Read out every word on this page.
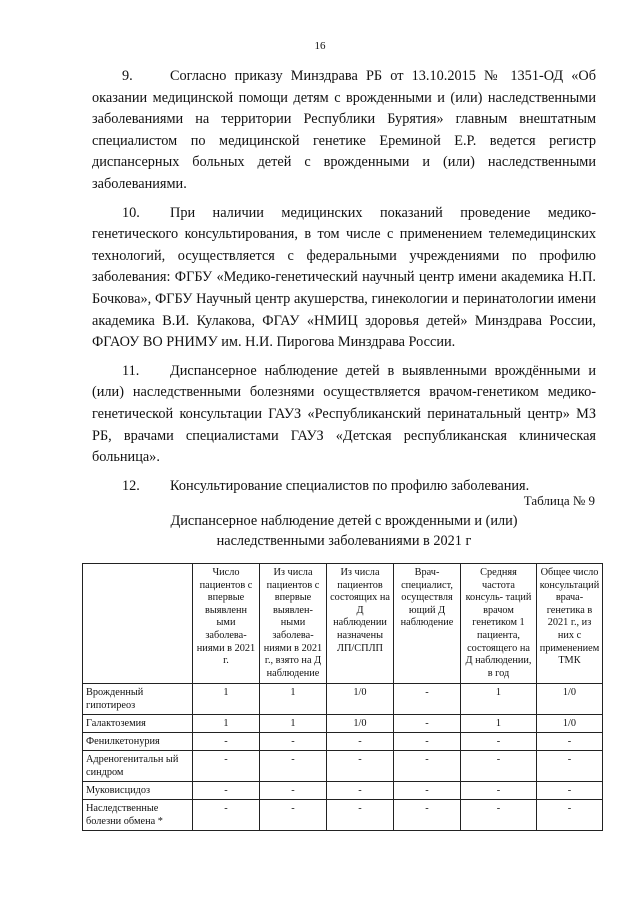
16

9.	Согласно приказу Минздрава РБ от 13.10.2015 № 1351-ОД «Об оказании медицинской помощи детям с врожденными и (или) наследственными заболеваниями на территории Республики Бурятия» главным внештатным специалистом по медицинской генетике Ереминой Е.Р. ведется регистр диспансерных больных детей с врожденными и (или) наследственными заболеваниями.

10. При наличии медицинских показаний проведение медико-генетического консультирования, в том числе с применением телемедицинских технологий, осуществляется с федеральными учреждениями по профилю заболевания: ФГБУ «Медико-генетический научный центр имени академика Н.П. Бочкова», ФГБУ Научный центр акушерства, гинекологии и перинатологии имени академика В.И. Кулакова, ФГАУ «НМИЦ здоровья детей» Минздрава России, ФГАОУ ВО РНИМУ им. Н.И. Пирогова Минздрава России.

11. Диспансерное наблюдение детей в выявленными врождёнными и (или) наследственными болезнями осуществляется врачом-генетиком медико-генетической консультации ГАУЗ «Республиканский перинатальный центр» МЗ РБ, врачами специалистами ГАУЗ «Детская республиканская клиническая больница».

12. Консультирование специалистов по профилю заболевания.

Таблица № 9
Диспансерное наблюдение детей с врожденными и (или)
наследственными заболеваниями в 2021 г
	Число пациентов с впервые выявленн ыми заболева- ниями в 2021 г.	Из числа пациентов с впервые выявлен- ными заболева- ниями в 2021 г., взято на Д наблюдение	Из числа пациентов состоящих на Д наблюдении назначены ЛП/СПЛП	Врач-специалист, осуществля ющий Д наблюдение	Средняя частота консуль- таций врачом генетиком 1 пациента, состоящего на Д наблюдении, в год	Общее число консультаций врача-генетика в 2021 г., из них с применением ТМК
Врожденный гипотиреоз	1	1	1/0	-	1	1/0
Галактоземия	1	1	1/0	-	1	1/0
Фенилкетонурия	-	-	-	-	-	-
Адреногенитальн ый синдром	-	-	-	-	-	-
Муковисцидоз	-	-	-	-	-	-
Наследственные болезни обмена *	-	-	-	-	-	-
